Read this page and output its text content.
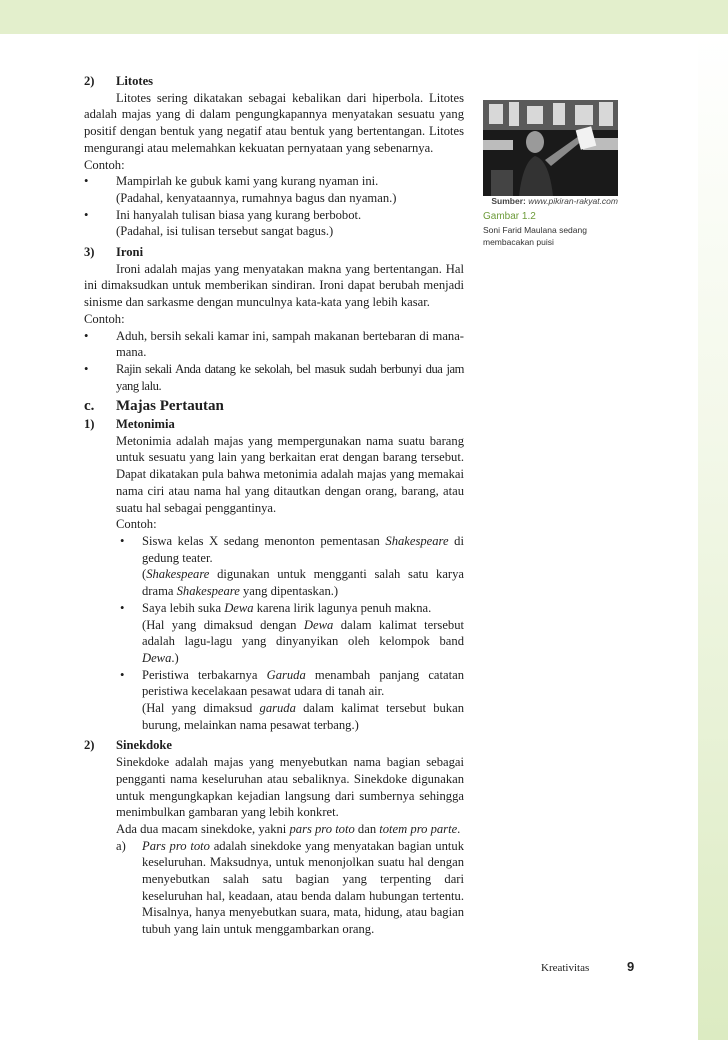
2) Litotes

Litotes sering dikatakan sebagai kebalikan dari hiperbola. Litotes adalah majas yang di dalam pengungkapannya menyatakan sesuatu yang positif dengan bentuk yang negatif atau bentuk yang bertentangan. Litotes mengurangi atau melemahkan kekuatan pernyataan yang sebenarnya.

Contoh:

• Mampirlah ke gubuk kami yang kurang nyaman ini.

(Padahal, kenyataannya, rumahnya bagus dan nyaman.)

• Ini hanyalah tulisan biasa yang kurang berbobot.

(Padahal, isi tulisan tersebut sangat bagus.)

3) Ironi

Ironi adalah majas yang menyatakan makna yang bertentangan. Hal ini dimaksudkan untuk memberikan sindiran. Ironi dapat berubah menjadi sinisme dan sarkasme dengan munculnya kata-kata yang lebih kasar.

Contoh:

• Aduh, bersih sekali kamar ini, sampah makanan bertebaran di mana-mana.

• Rajin sekali Anda datang ke sekolah, bel masuk sudah berbunyi dua jam yang lalu.

c. Majas Pertautan

1) Metonimia

Metonimia adalah majas yang mempergunakan nama suatu barang untuk sesuatu yang lain yang berkaitan erat dengan barang tersebut. Dapat dikatakan pula bahwa metonimia adalah majas yang memakai nama ciri atau nama hal yang ditautkan dengan orang, barang, atau suatu hal sebagai penggantinya.

Contoh:

• Siswa kelas X sedang menonton pementasan Shakespeare di gedung teater.

(Shakespeare digunakan untuk mengganti salah satu karya drama Shakespeare yang dipentaskan.)

• Saya lebih suka Dewa karena lirik lagunya penuh makna.

(Hal yang dimaksud dengan Dewa dalam kalimat tersebut adalah lagu-lagu yang dinyanyikan oleh kelompok band Dewa.)

• Peristiwa terbakarnya Garuda menambah panjang catatan peristiwa kecelakaan pesawat udara di tanah air.

(Hal yang dimaksud garuda dalam kalimat tersebut bukan burung, melainkan nama pesawat terbang.)

2) Sinekdoke

Sinekdoke adalah majas yang menyebutkan nama bagian sebagai pengganti nama keseluruhan atau sebaliknya. Sinekdoke digunakan untuk mengungkapkan kejadian langsung dari sumbernya sehingga menimbulkan gambaran yang lebih konkret.

Ada dua macam sinekdoke, yakni pars pro toto dan totem pro parte.

a) Pars pro toto adalah sinekdoke yang menyatakan bagian untuk keseluruhan. Maksudnya, untuk menonjolkan suatu hal dengan menyebutkan salah satu bagian yang terpenting dari keseluruhan hal, keadaan, atau benda dalam hubungan tertentu. Misalnya, hanya menyebutkan suara, mata, hidung, atau bagian tubuh yang lain untuk menggambarkan orang.

Sumber: www.pikiran-rakyat.com
Gambar 1.2
Soni Farid Maulana sedang membacakan puisi
Kreativitas	9
